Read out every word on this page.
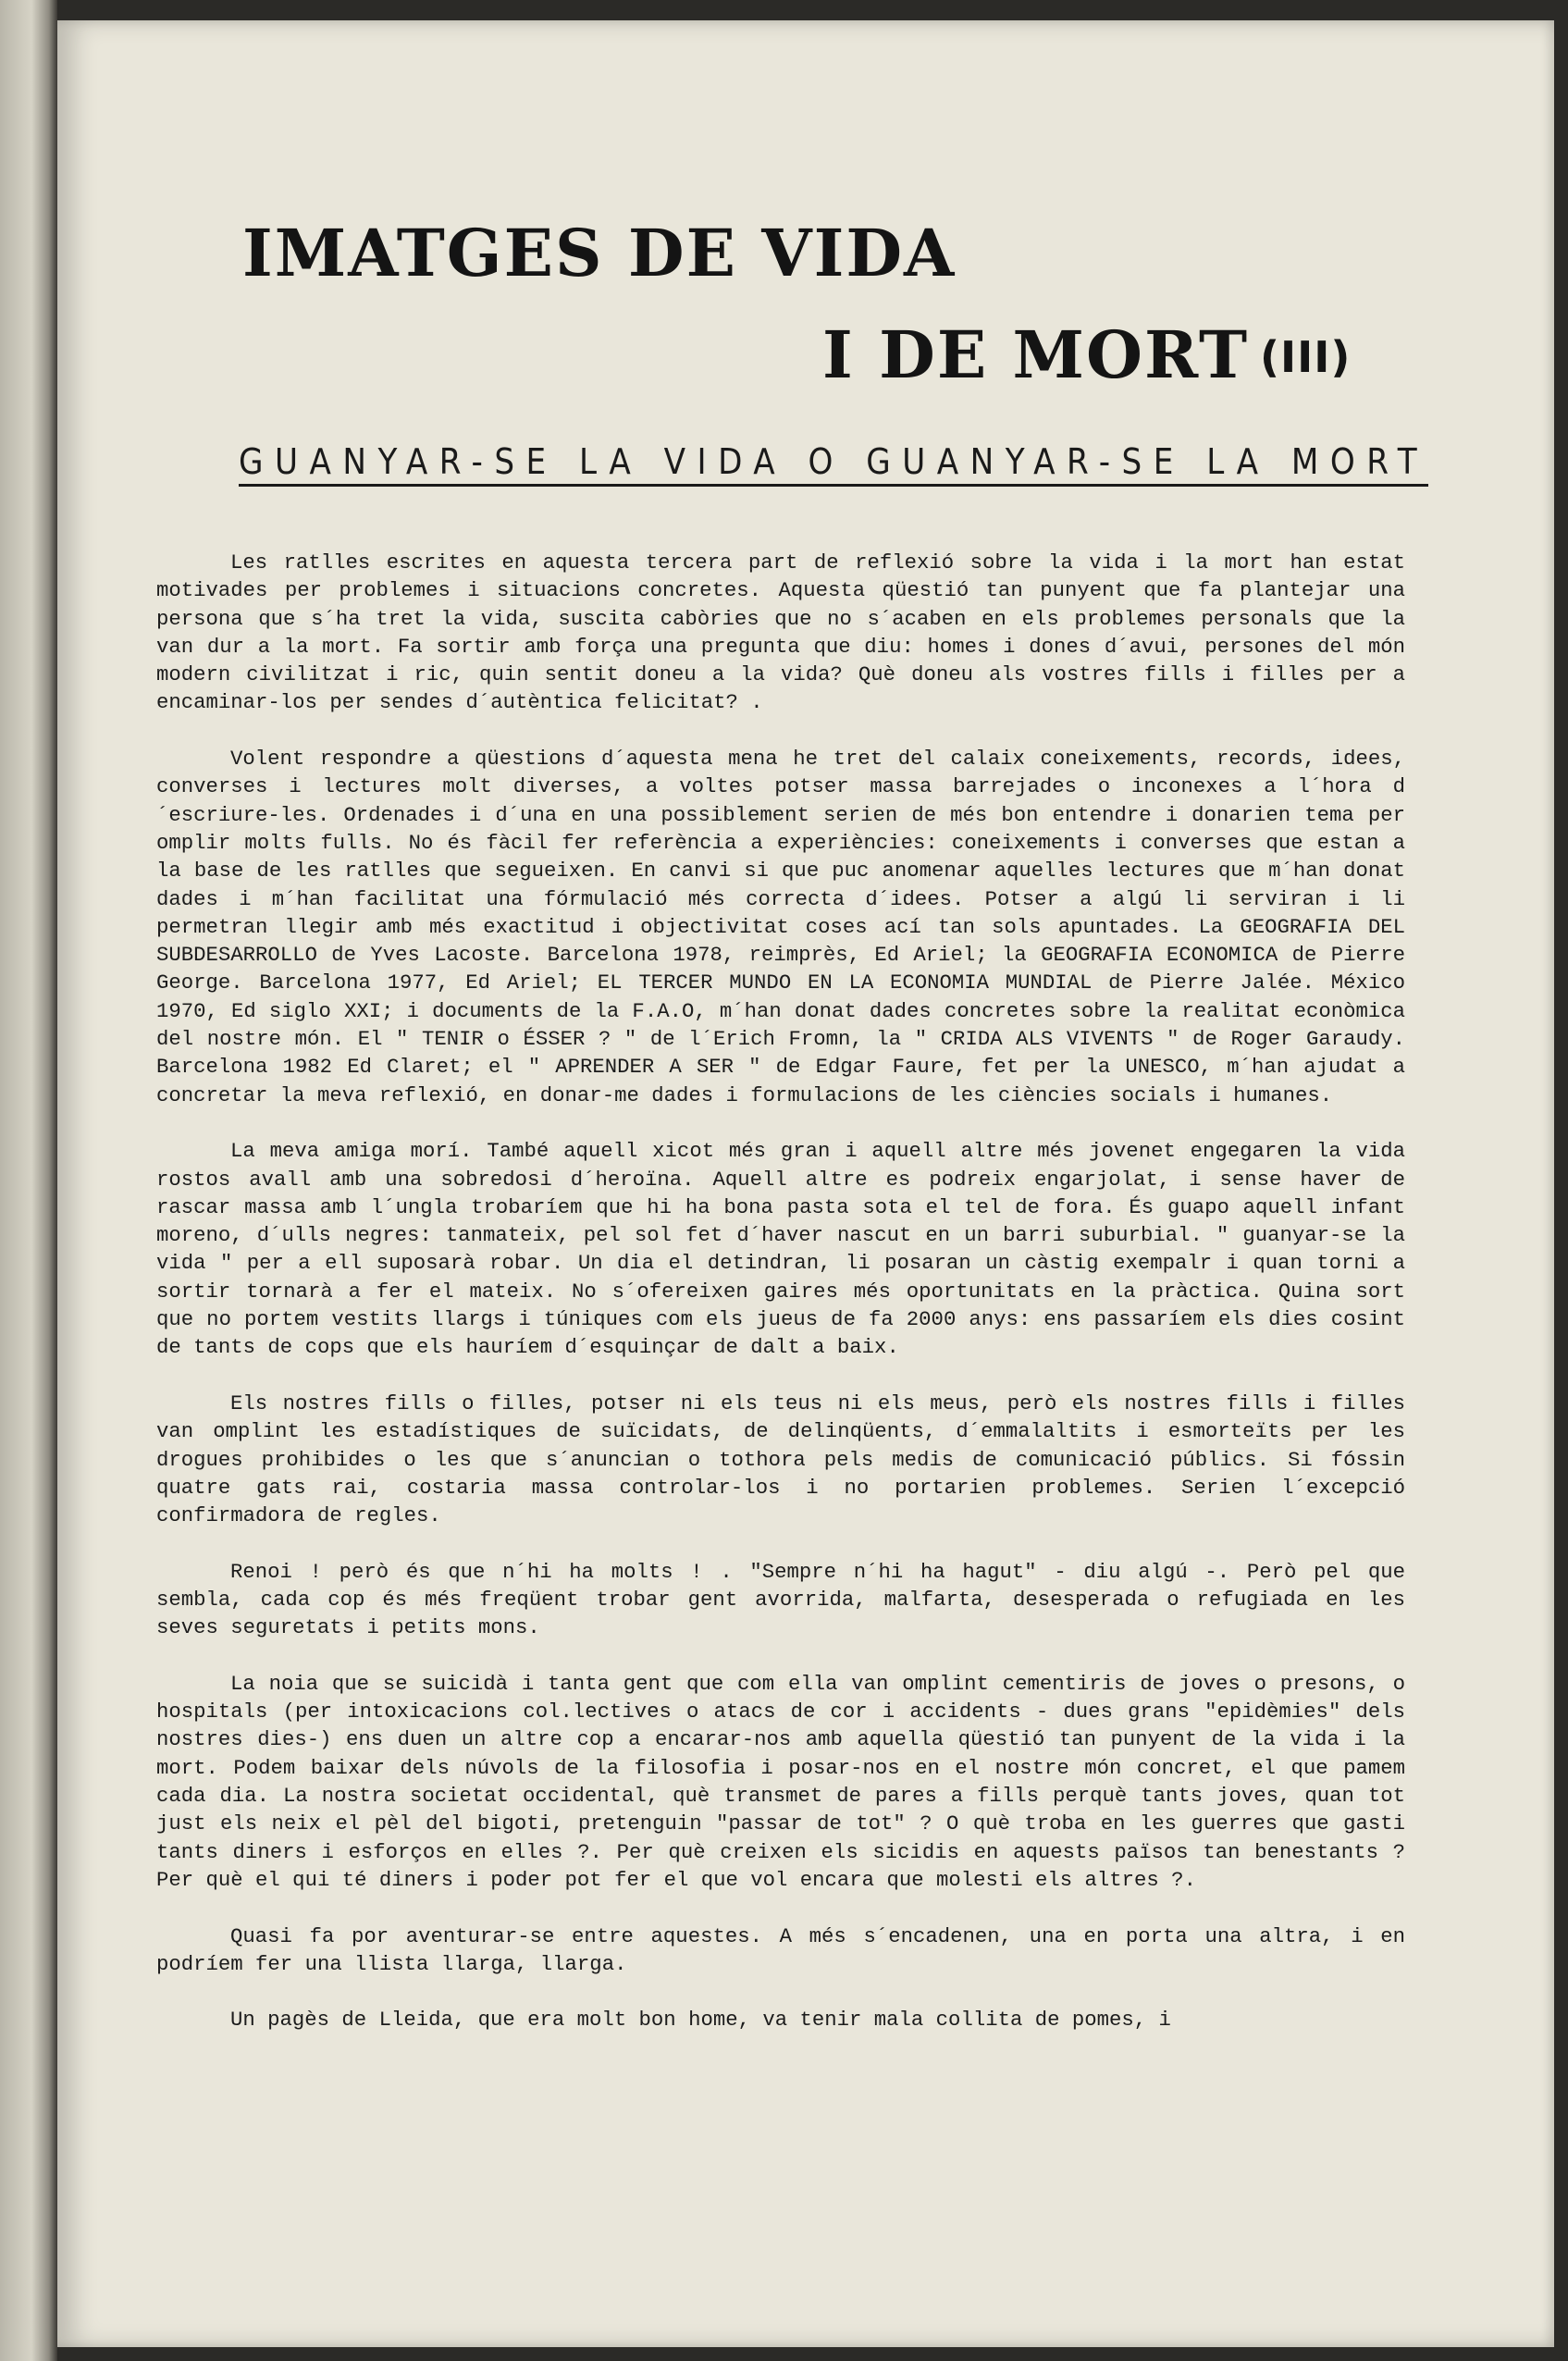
IMATGES DE VIDA
I DE MORT (III)
GUANYAR-SE LA VIDA O GUANYAR-SE LA MORT

Les ratlles escrites en aquesta tercera part de reflexió sobre la vida i la mort han estat motivades per problemes i situacions concretes. Aquesta qüestió tan punyent que fa plantejar una persona que s´ha tret la vida, suscita cabòries que no s´acaben en els problemes personals que la van dur a la mort. Fa sortir amb força una pregunta que diu: homes i dones d´avui, persones del món modern civilitzat i ric, quin sentit doneu a la vida? Què doneu als vostres fills i filles per a encaminar-los per sendes d´autèntica felicitat? .

Volent respondre a qüestions d´aquesta mena he tret del calaix coneixements, records, idees, converses i lectures molt diverses, a voltes potser massa barrejades o inconexes a l´hora d´escriure-les. Ordenades i d´una en una possiblement serien de més bon entendre i donarien tema per omplir molts fulls. No és fàcil fer referència a experiències: coneixements i converses que estan a la base de les ratlles que segueixen. En canvi si que puc anomenar aquelles lectures que m´han donat dades i m´han facilitat una fórmulació més correcta d´idees. Potser a algú li serviran i li permetran llegir amb més exactitud i objectivitat coses ací tan sols apuntades. La GEOGRAFIA DEL SUBDESARROLLO de Yves Lacoste. Barcelona 1978, reimprès, Ed Ariel; la GEOGRAFIA ECONOMICA de Pierre George. Barcelona 1977, Ed Ariel; EL TERCER MUNDO EN LA ECONOMIA MUNDIAL de Pierre Jalée. México 1970, Ed siglo XXI; i documents de la F.A.O, m´han donat dades concretes sobre la realitat econòmica del nostre món. El " TENIR o ÉSSER ? " de l´Erich Fromn, la " CRIDA ALS VIVENTS " de Roger Garaudy. Barcelona 1982 Ed Claret; el " APRENDER A SER " de Edgar Faure, fet per la UNESCO, m´han ajudat a concretar la meva reflexió, en donar-me dades i formulacions de les ciències socials i humanes.

La meva amiga morí. També aquell xicot més gran i aquell altre més jovenet engegaren la vida rostos avall amb una sobredosi d´heroïna. Aquell altre es podreix engarjolat, i sense haver de rascar massa amb l´ungla trobaríem que hi ha bona pasta sota el tel de fora. És guapo aquell infant moreno, d´ulls negres: tanmateix, pel sol fet d´haver nascut en un barri suburbial. " guanyar-se la vida " per a ell suposarà robar. Un dia el detindran, li posaran un càstig exempalr i quan torni a sortir tornarà a fer el mateix. No s´ofereixen gaires més oportunitats en la pràctica. Quina sort que no portem vestits llargs i túniques com els jueus de fa 2000 anys: ens passaríem els dies cosint de tants de cops que els hauríem d´esquinçar de dalt a baix.

Els nostres fills o filles, potser ni els teus ni els meus, però els nostres fills i filles van omplint les estadístiques de suïcidats, de delinqüents, d´emmalaltits i esmorteïts per les drogues prohibides o les que s´anuncian o tothora pels medis de comunicació públics. Si fóssin quatre gats rai, costaria massa controlar-los i no portarien problemes. Serien l´excepció confirmadora de regles.

Renoi ! però és que n´hi ha molts ! . "Sempre n´hi ha hagut" - diu algú -. Però pel que sembla, cada cop és més freqüent trobar gent avorrida, malfarta, desesperada o refugiada en les seves seguretats i petits mons.

La noia que se suicidà i tanta gent que com ella van omplint cementiris de joves o presons, o hospitals (per intoxicacions col.lectives o atacs de cor i accidents - dues grans "epidèmies" dels nostres dies-) ens duen un altre cop a encarar-nos amb aquella qüestió tan punyent de la vida i la mort. Podem baixar dels núvols de la filosofia i posar-nos en el nostre món concret, el que pamem cada dia. La nostra societat occidental, què transmet de pares a fills perquè tants joves, quan tot just els neix el pèl del bigoti, pretenguin "passar de tot" ? O què troba en les guerres que gasti tants diners i esforços en elles ?. Per què creixen els sicidis en aquests països tan benestants ? Per què el qui té diners i poder pot fer el que vol encara que molesti els altres ?.

Quasi fa por aventurar-se entre aquestes. A més s´encadenen, una en porta una altra, i en podríem fer una llista llarga, llarga.

Un pagès de Lleida, que era molt bon home, va tenir mala collita de pomes, i
